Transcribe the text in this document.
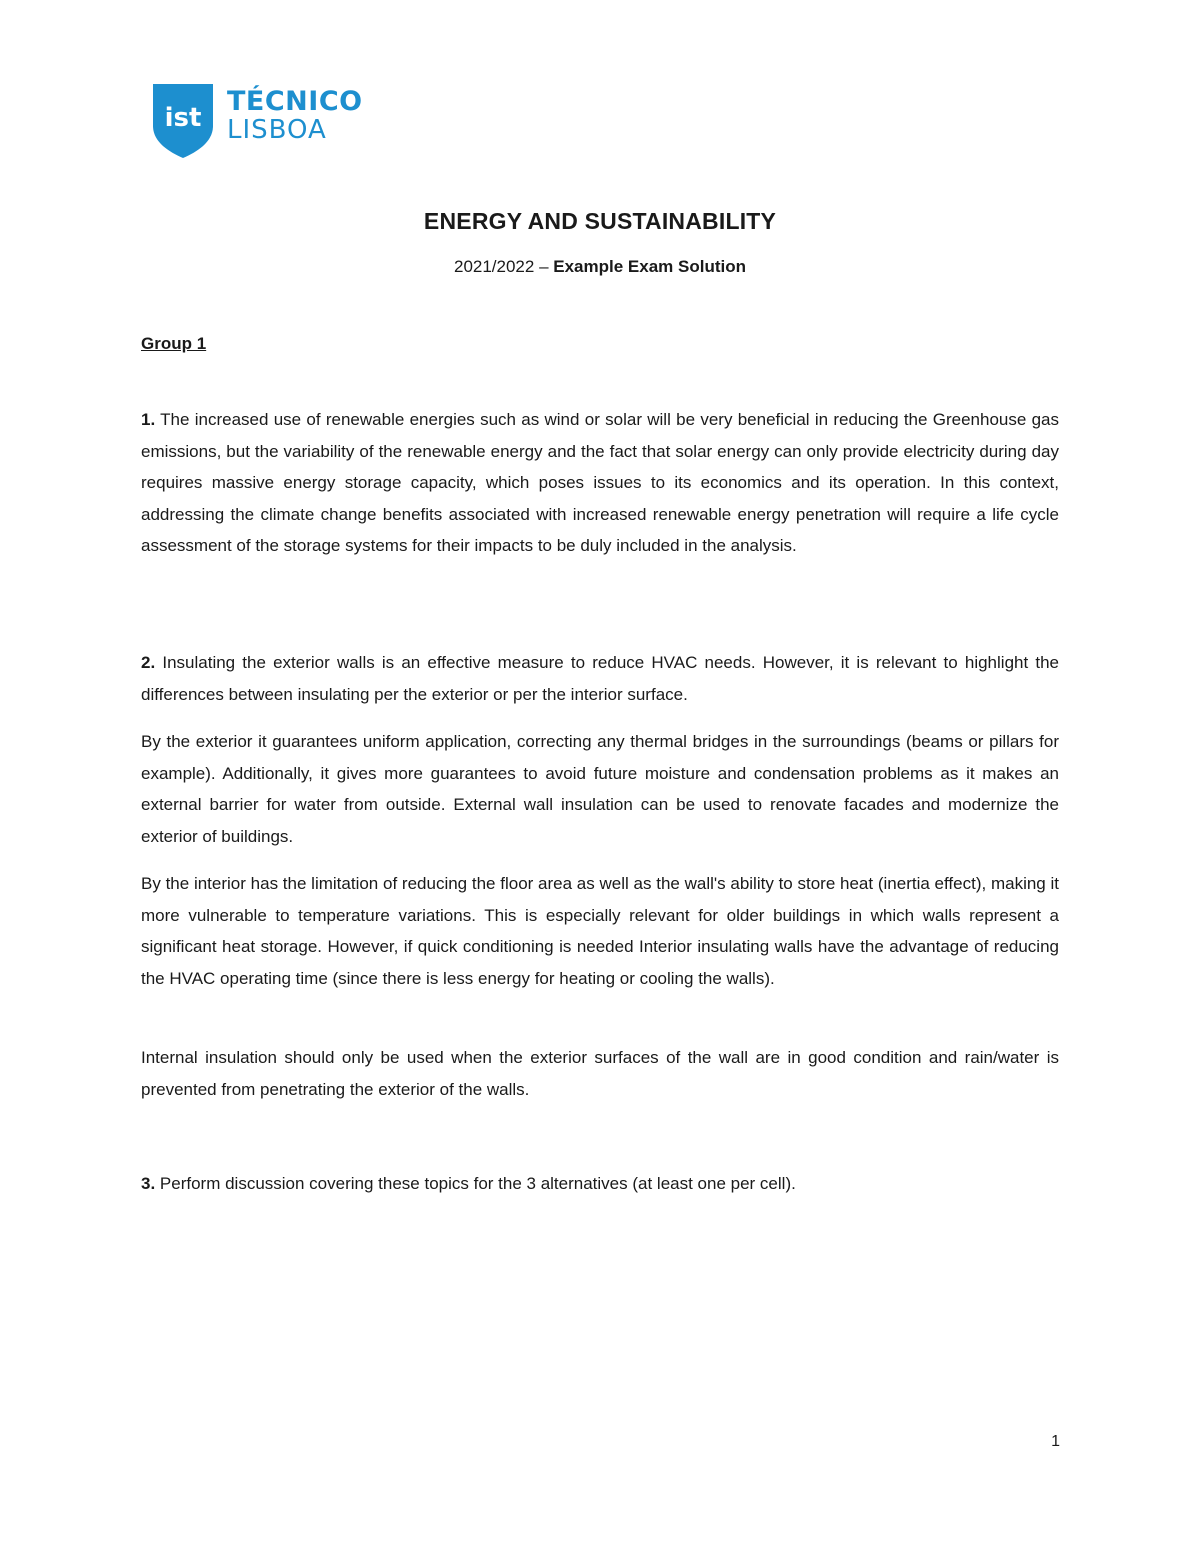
ist
TÉCNICO
LISBOA
ENERGY AND SUSTAINABILITY
2021/2022 – Example Exam Solution
Group 1

1. The increased use of renewable energies such as wind or solar will be very beneficial in reducing the Greenhouse gas emissions, but the variability of the renewable energy and the fact that solar energy can only provide electricity during day requires massive energy storage capacity, which poses issues to its economics and its operation. In this context, addressing the climate change benefits associated with increased renewable energy penetration will require a life cycle assessment of the storage systems for their impacts to be duly included in the analysis.

2. Insulating the exterior walls is an effective measure to reduce HVAC needs. However, it is relevant to highlight the differences between insulating per the exterior or per the interior surface.

By the exterior it guarantees uniform application, correcting any thermal bridges in the surroundings (beams or pillars for example). Additionally, it gives more guarantees to avoid future moisture and condensation problems as it makes an external barrier for water from outside. External wall insulation can be used to renovate facades and modernize the exterior of buildings.

By the interior has the limitation of reducing the floor area as well as the wall's ability to store heat (inertia effect), making it more vulnerable to temperature variations. This is especially relevant for older buildings in which walls represent a significant heat storage. However, if quick conditioning is needed Interior insulating walls have the advantage of reducing the HVAC operating time (since there is less energy for heating or cooling the walls).

Internal insulation should only be used when the exterior surfaces of the wall are in good condition and rain/water is prevented from penetrating the exterior of the walls.

3. Perform discussion covering these topics for the 3 alternatives (at least one per cell).

1
